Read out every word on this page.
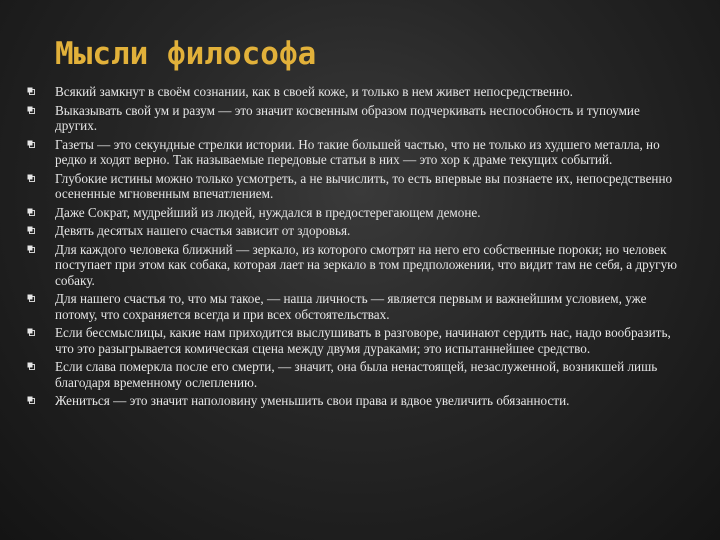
Мысли философа
Всякий замкнут в своём сознании, как в своей коже, и только в нем живет непосредственно.
Выказывать свой ум и разум — это значит косвенным образом подчеркивать неспособность и тупоумие других.
Газеты — это секундные стрелки истории. Но такие большей частью, что не только из худшего металла, но редко и ходят верно. Так называемые передовые статьи в них — это хор к драме текущих событий.
Глубокие истины можно только усмотреть, а не вычислить, то есть впервые вы познаете их, непосредственно осененные мгновенным впечатлением.
Даже Сократ, мудрейший из людей, нуждался в предостерегающем демоне.
Девять десятых нашего счастья зависит от здоровья.
Для каждого человека ближний — зеркало, из которого смотрят на него его собственные пороки; но человек поступает при этом как собака, которая лает на зеркало в том предположении, что видит там не себя, а другую собаку.
Для нашего счастья то, что мы такое, — наша личность — является первым и важнейшим условием, уже потому, что сохраняется всегда и при всех обстоятельствах.
Если бессмыслицы, какие нам приходится выслушивать в разговоре, начинают сердить нас, надо вообразить, что это разыгрывается комическая сцена между двумя дураками; это испытаннейшее средство.
Если слава померкла после его смерти, — значит, она была ненастоящей, незаслуженной, возникшей лишь благодаря временному ослеплению.
Жениться — это значит наполовину уменьшить свои права и вдвое увеличить обязанности.
